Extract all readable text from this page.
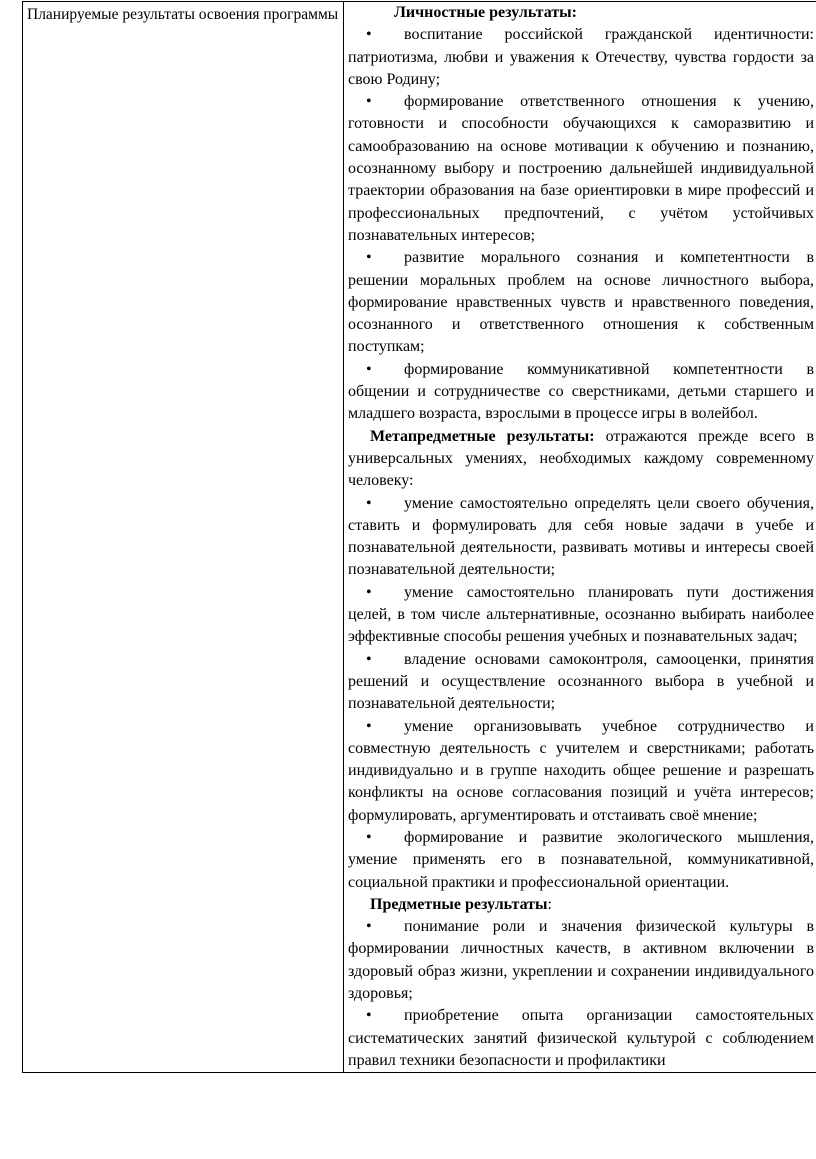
Планируемые результаты освоения программы	Личностные результаты:

• воспитание российской гражданской идентичности: патриотизма, любви и уважения к Отечеству, чувства гордости за свою Родину;

• формирование ответственного отношения к учению, готовности и способности обучающихся к саморазвитию и самообразованию на основе мотивации к обучению и познанию, осознанному выбору и построению дальнейшей индивидуальной траектории образования на базе ориентировки в мире профессий и профессиональных предпочтений, с учётом устойчивых познавательных интересов;

• развитие морального сознания и компетентности в решении моральных проблем на основе личностного выбора, формирование нравственных чувств и нравственного поведения, осознанного и ответственного отношения к собственным поступкам;

• формирование коммуникативной компетентности в общении и сотрудничестве со сверстниками, детьми старшего и младшего возраста, взрослыми в процессе игры в волейбол.

Метапредметные результаты: отражаются прежде всего в универсальных умениях, необходимых каждому современному человеку:

• умение самостоятельно определять цели своего обучения, ставить и формулировать для себя новые задачи в учебе и познавательной деятельности, развивать мотивы и интересы своей познавательной деятельности;

• умение самостоятельно планировать пути достижения целей, в том числе альтернативные, осознанно выбирать наиболее эффективные способы решения учебных и познавательных задач;

• владение основами самоконтроля, самооценки, принятия решений и осуществление осознанного выбора в учебной и познавательной деятельности;

• умение организовывать учебное сотрудничество и совместную деятельность с учителем и сверстниками; работать индивидуально и в группе находить общее решение и разрешать конфликты на основе согласования позиций и учёта интересов; формулировать, аргументировать и отстаивать своё мнение;

• формирование и развитие экологического мышления, умение применять его в познавательной, коммуникативной, социальной практики и профессиональной ориентации.

Предметные результаты:

• понимание роли и значения физической культуры в формировании личностных качеств, в активном включении в здоровый образ жизни, укреплении и сохранении индивидуального здоровья;

• приобретение опыта организации самостоятельных систематических занятий физической культурой с соблюдением правил техники безопасности и профилактики
